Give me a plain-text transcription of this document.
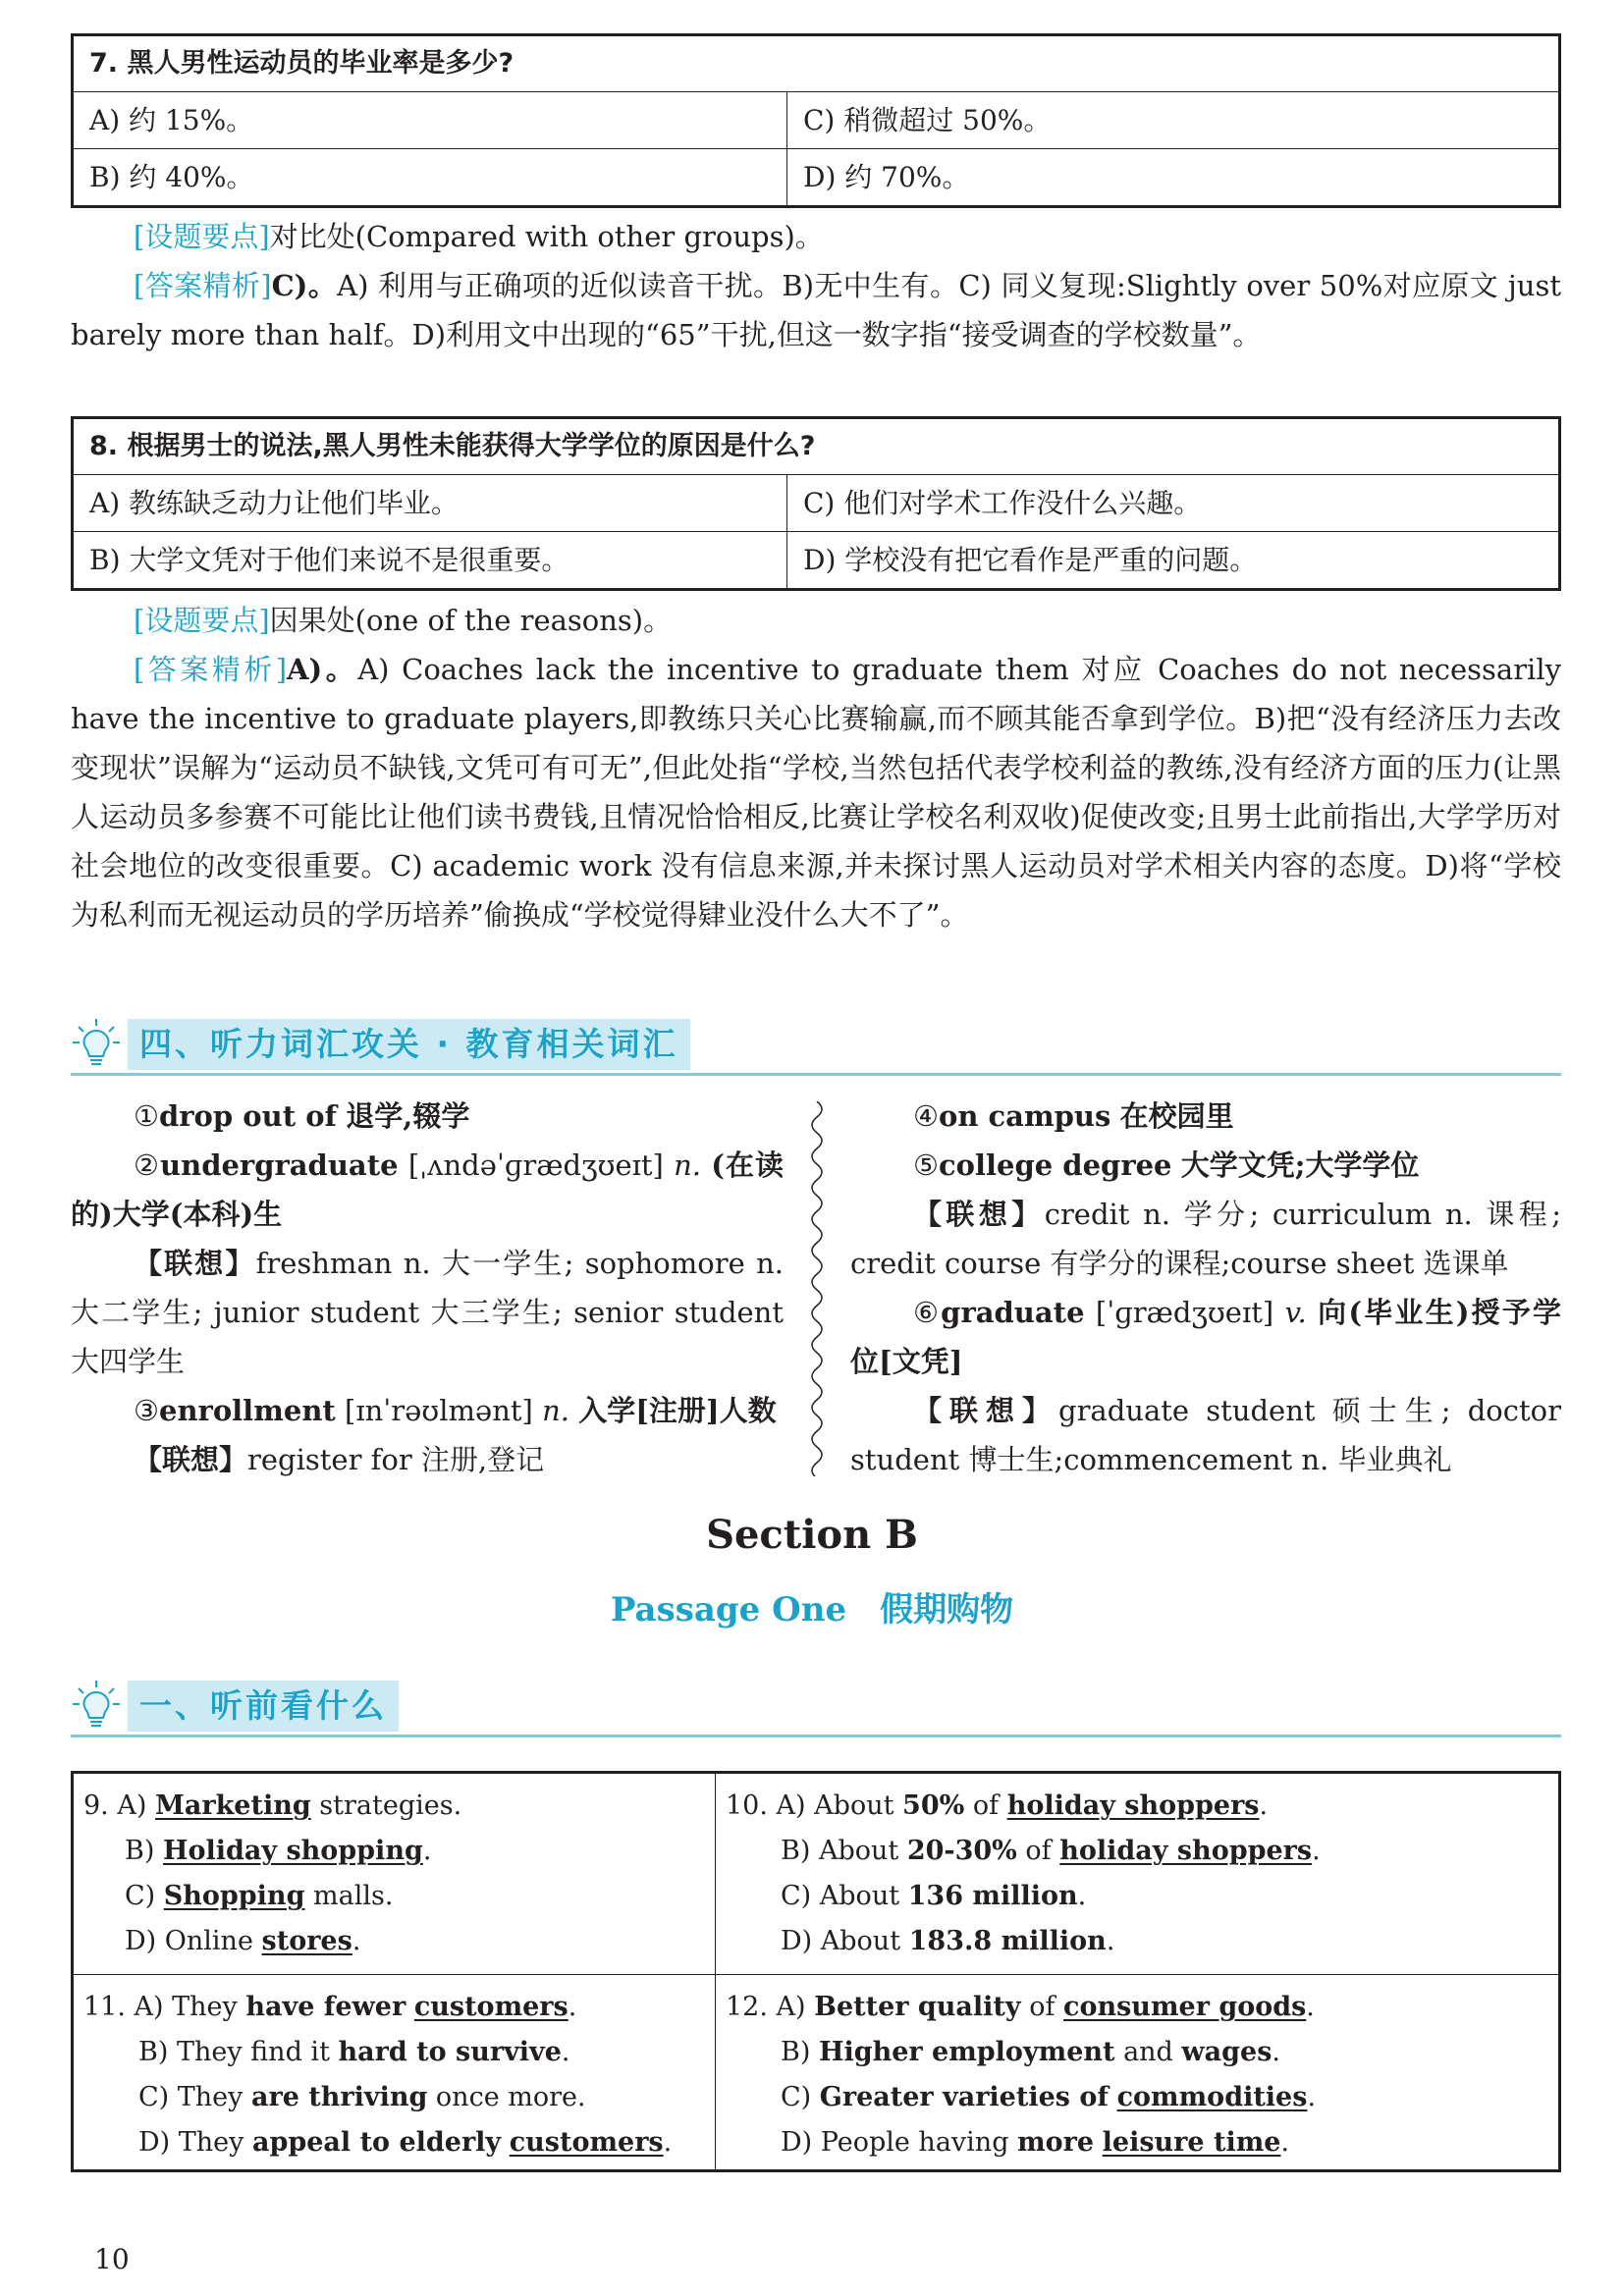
7. 黑人男性运动员的毕业率是多少?
A) 约 15%。	C) 稍微超过 50%。
B) 约 40%。	D) 约 70%。
[设题要点]对比处(Compared with other groups)。
[答案精析]C)。A) 利用与正确项的近似读音干扰。B)无中生有。C) 同义复现:Slightly over 50%对应原文 just barely more than half。D)利用文中出现的“65”干扰,但这一数字指“接受调查的学校数量”。
8. 根据男士的说法,黑人男性未能获得大学学位的原因是什么?
A) 教练缺乏动力让他们毕业。	C) 他们对学术工作没什么兴趣。
B) 大学文凭对于他们来说不是很重要。	D) 学校没有把它看作是严重的问题。
[设题要点]因果处(one of the reasons)。
[答案精析]A)。A) Coaches lack the incentive to graduate them 对应 Coaches do not necessarily have the incentive to graduate players,即教练只关心比赛输赢,而不顾其能否拿到学位。B)把“没有经济压力去改变现状”误解为“运动员不缺钱,文凭可有可无”,但此处指“学校,当然包括代表学校利益的教练,没有经济方面的压力(让黑人运动员多参赛不可能比让他们读书费钱,且情况恰恰相反,比赛让学校名利双收)促使改变;且男士此前指出,大学学历对社会地位的改变很重要。C) academic work 没有信息来源,并未探讨黑人运动员对学术相关内容的态度。D)将“学校为私利而无视运动员的学历培养”偷换成“学校觉得肄业没什么大不了”。
四、听力词汇攻关 · 教育相关词汇
①drop out of 退学,辍学
②undergraduate [ˌʌndəˈɡrædʒʊeɪt] n. (在读的)大学(本科)生
【联想】freshman n. 大一学生; sophomore n. 大二学生; junior student 大三学生; senior student 大四学生
③enrollment [ɪnˈrəʊlmənt] n. 入学[注册]人数
【联想】register for 注册,登记
④on campus 在校园里
⑤college degree 大学文凭;大学学位
【联想】credit n. 学分; curriculum n. 课程; credit course 有学分的课程;course sheet 选课单
⑥graduate [ˈɡrædʒʊeɪt] v. 向(毕业生)授予学位[文凭]
【联想】graduate student 硕士生; doctor student 博士生;commencement n. 毕业典礼
Section B
Passage One 假期购物
一、听前看什么
9. A) Marketing strategies.
B) Holiday shopping.
C) Shopping malls.
D) Online stores.
10. A) About 50% of holiday shoppers.
B) About 20-30% of holiday shoppers.
C) About 136 million.
D) About 183.8 million.
11. A) They have fewer customers.
B) They find it hard to survive.
C) They are thriving once more.
D) They appeal to elderly customers.
12. A) Better quality of consumer goods.
B) Higher employment and wages.
C) Greater varieties of commodities.
D) People having more leisure time.
10
